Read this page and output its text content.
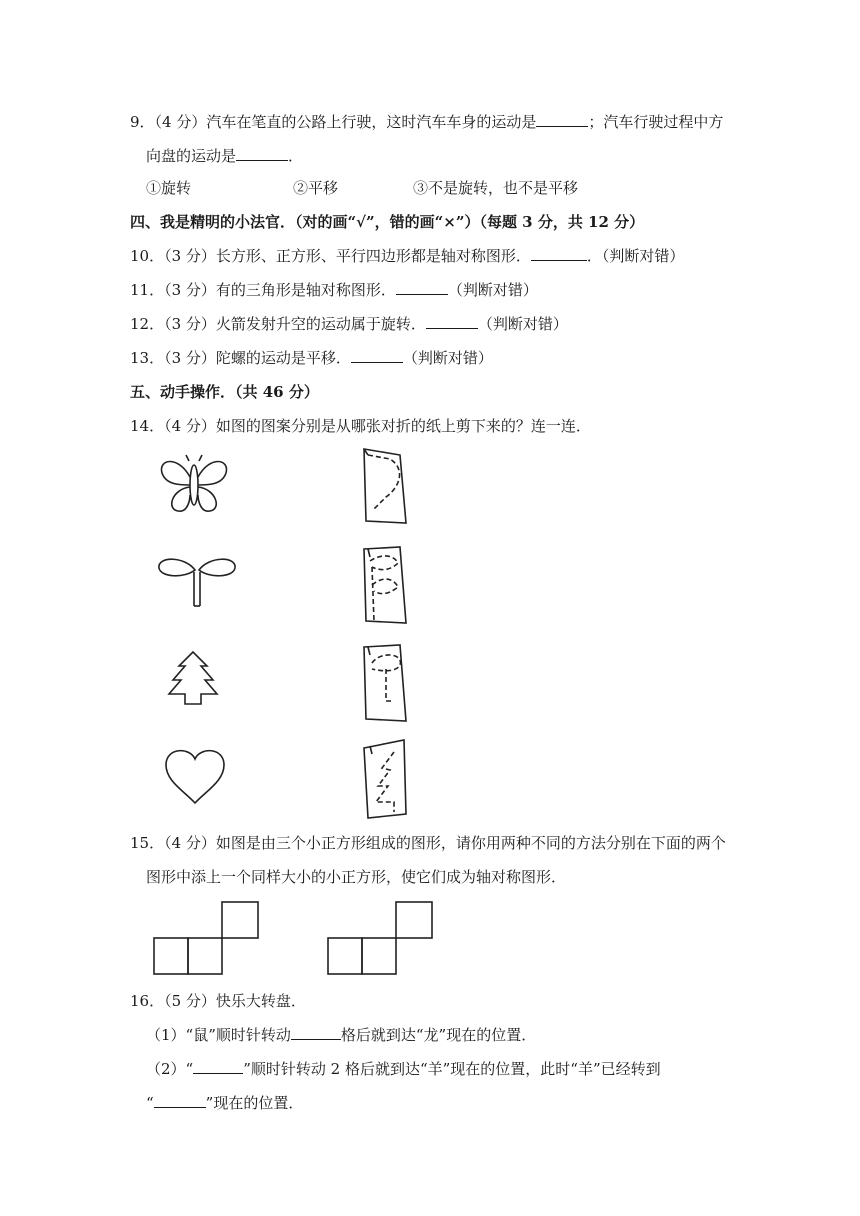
9．（4 分）汽车在笔直的公路上行驶，这时汽车车身的运动是	；汽车行驶过程中方
向盘的运动是	．
①旋转	②平移	③不是旋转，也不是平移
四、我是精明的小法官．（对的画“√”，错的画“×”）（每题 3 分，共 12 分）
10．（3 分）长方形、正方形、平行四边形都是轴对称图形．	．（判断对错）
11．（3 分）有的三角形是轴对称图形．	（判断对错）
12．（3 分）火箭发射升空的运动属于旋转．	（判断对错）
13．（3 分）陀螺的运动是平移．	（判断对错）
五、动手操作．（共 46 分）
14．（4 分）如图的图案分别是从哪张对折的纸上剪下来的？连一连．
15．（4 分）如图是由三个小正方形组成的图形，请你用两种不同的方法分别在下面的两个
图形中添上一个同样大小的小正方形，使它们成为轴对称图形．
16．（5 分）快乐大转盘．
（1）“鼠”顺时针转动	格后就到达“龙”现在的位置．
（2）“	”顺时针转动 2 格后就到达“羊”现在的位置，此时“羊”已经转到
“	”现在的位置．
